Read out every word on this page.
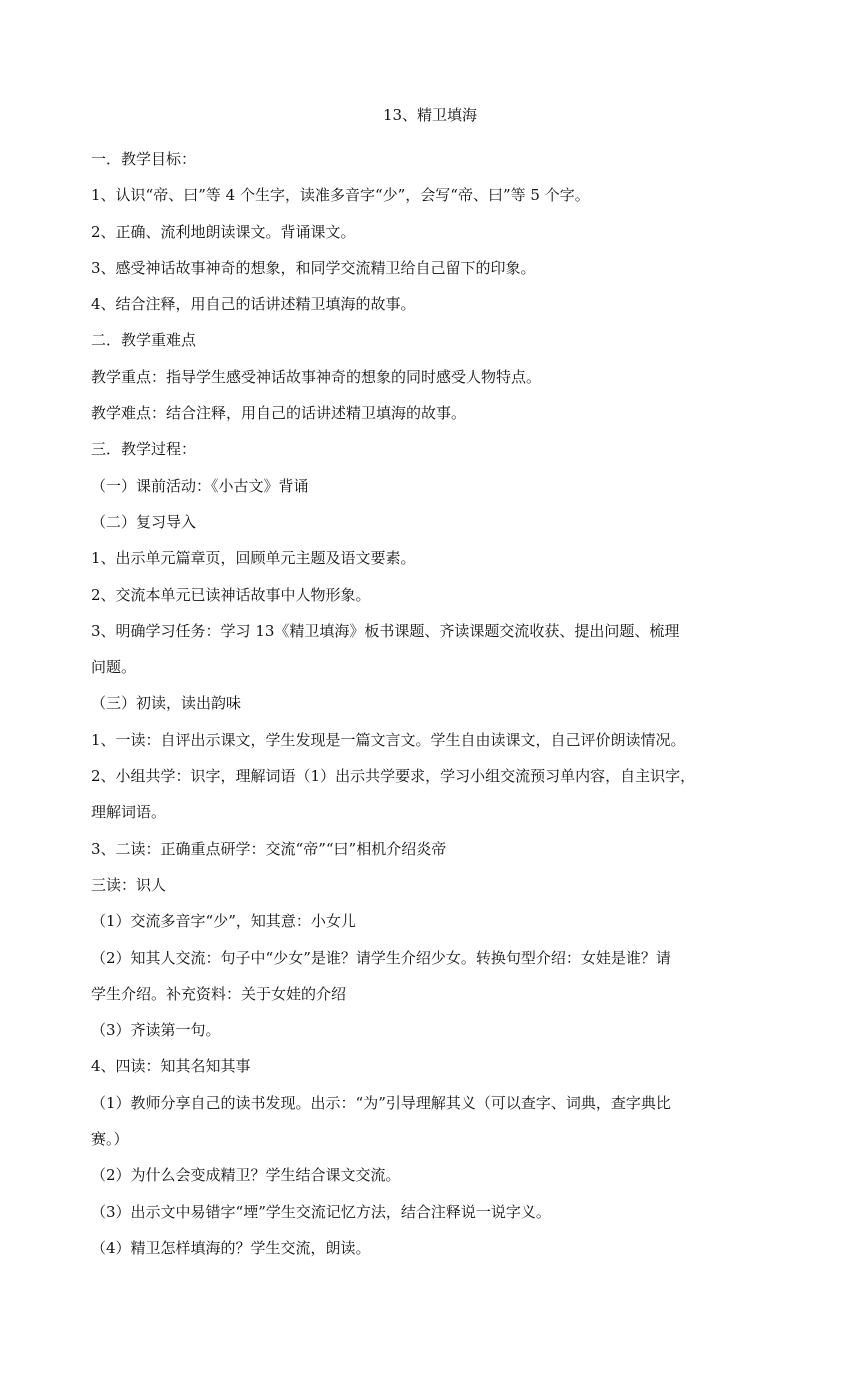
13、精卫填海

一．教学目标：

1、认识“帝、曰”等 4 个生字，读准多音字“少”，会写“帝、曰”等 5 个字。

2、正确、流利地朗读课文。背诵课文。

3、感受神话故事神奇的想象，和同学交流精卫给自己留下的印象。

4、结合注释，用自己的话讲述精卫填海的故事。

二．教学重难点

教学重点：指导学生感受神话故事神奇的想象的同时感受人物特点。

教学难点：结合注释，用自己的话讲述精卫填海的故事。

三．教学过程：

（一）课前活动：《小古文》背诵

（二）复习导入

1、出示单元篇章页，回顾单元主题及语文要素。

2、交流本单元已读神话故事中人物形象。

3、明确学习任务：学习 13《精卫填海》板书课题、齐读课题交流收获、提出问题、梳理

问题。

（三）初读，读出韵味

1、一读：自评出示课文，学生发现是一篇文言文。学生自由读课文，自己评价朗读情况。

2、小组共学：识字，理解词语（1）出示共学要求，学习小组交流预习单内容，自主识字，

理解词语。

3、二读：正确重点研学：交流“帝”“曰”相机介绍炎帝

三读：识人

（1）交流多音字“少”，知其意：小女儿

（2）知其人交流：句子中“少女”是谁？请学生介绍少女。转换句型介绍：女娃是谁？请

学生介绍。补充资料：关于女娃的介绍

（3）齐读第一句。

4、四读：知其名知其事

（1）教师分享自己的读书发现。出示：“为”引导理解其义（可以查字、词典，查字典比

赛。）

（2）为什么会变成精卫？学生结合课文交流。

（3）出示文中易错字“堙”学生交流记忆方法，结合注释说一说字义。

（4）精卫怎样填海的？学生交流，朗读。
